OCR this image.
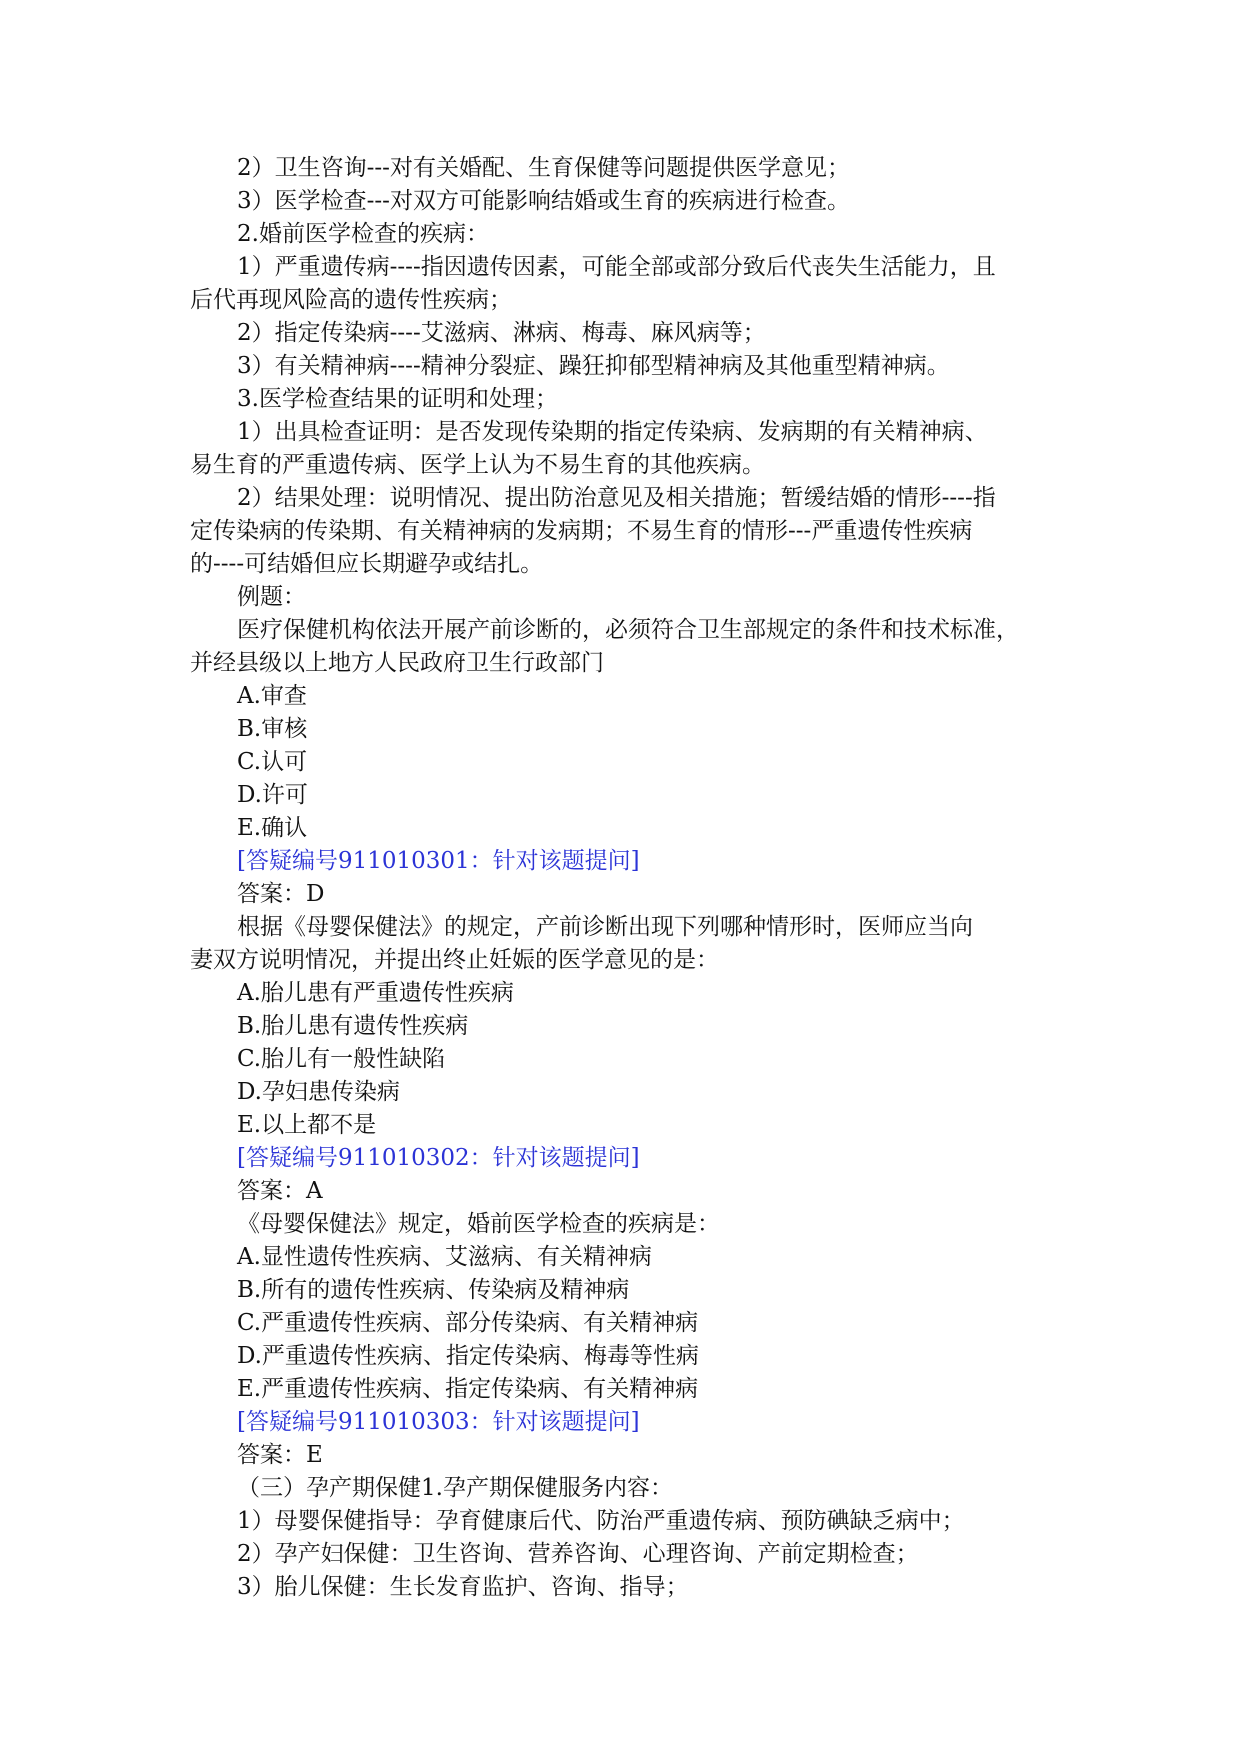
2）卫生咨询---对有关婚配、生育保健等问题提供医学意见；
3）医学检查---对双方可能影响结婚或生育的疾病进行检查。
2.婚前医学检查的疾病：
1）严重遗传病----指因遗传因素，可能全部或部分致后代丧失生活能力，且
后代再现风险高的遗传性疾病；
2）指定传染病----艾滋病、淋病、梅毒、麻风病等；
3）有关精神病----精神分裂症、躁狂抑郁型精神病及其他重型精神病。
3.医学检查结果的证明和处理；
1）出具检查证明：是否发现传染期的指定传染病、发病期的有关精神病、
易生育的严重遗传病、医学上认为不易生育的其他疾病。
2）结果处理：说明情况、提出防治意见及相关措施；暂缓结婚的情形----指
定传染病的传染期、有关精神病的发病期；不易生育的情形---严重遗传性疾病
的----可结婚但应长期避孕或结扎。
例题：
医疗保健机构依法开展产前诊断的，必须符合卫生部规定的条件和技术标准，
并经县级以上地方人民政府卫生行政部门
A.审查
B.审核
C.认可
D.许可
E.确认
[答疑编号911010301：针对该题提问]
答案：D
根据《母婴保健法》的规定，产前诊断出现下列哪种情形时，医师应当向
妻双方说明情况，并提出终止妊娠的医学意见的是：
A.胎儿患有严重遗传性疾病
B.胎儿患有遗传性疾病
C.胎儿有一般性缺陷
D.孕妇患传染病
E.以上都不是
[答疑编号911010302：针对该题提问]
答案：A
《母婴保健法》规定，婚前医学检查的疾病是：
A.显性遗传性疾病、艾滋病、有关精神病
B.所有的遗传性疾病、传染病及精神病
C.严重遗传性疾病、部分传染病、有关精神病
D.严重遗传性疾病、指定传染病、梅毒等性病
E.严重遗传性疾病、指定传染病、有关精神病
[答疑编号911010303：针对该题提问]
答案：E
（三）孕产期保健1.孕产期保健服务内容：
1）母婴保健指导：孕育健康后代、防治严重遗传病、预防碘缺乏病中；
2）孕产妇保健：卫生咨询、营养咨询、心理咨询、产前定期检查；
3）胎儿保健：生长发育监护、咨询、指导；
